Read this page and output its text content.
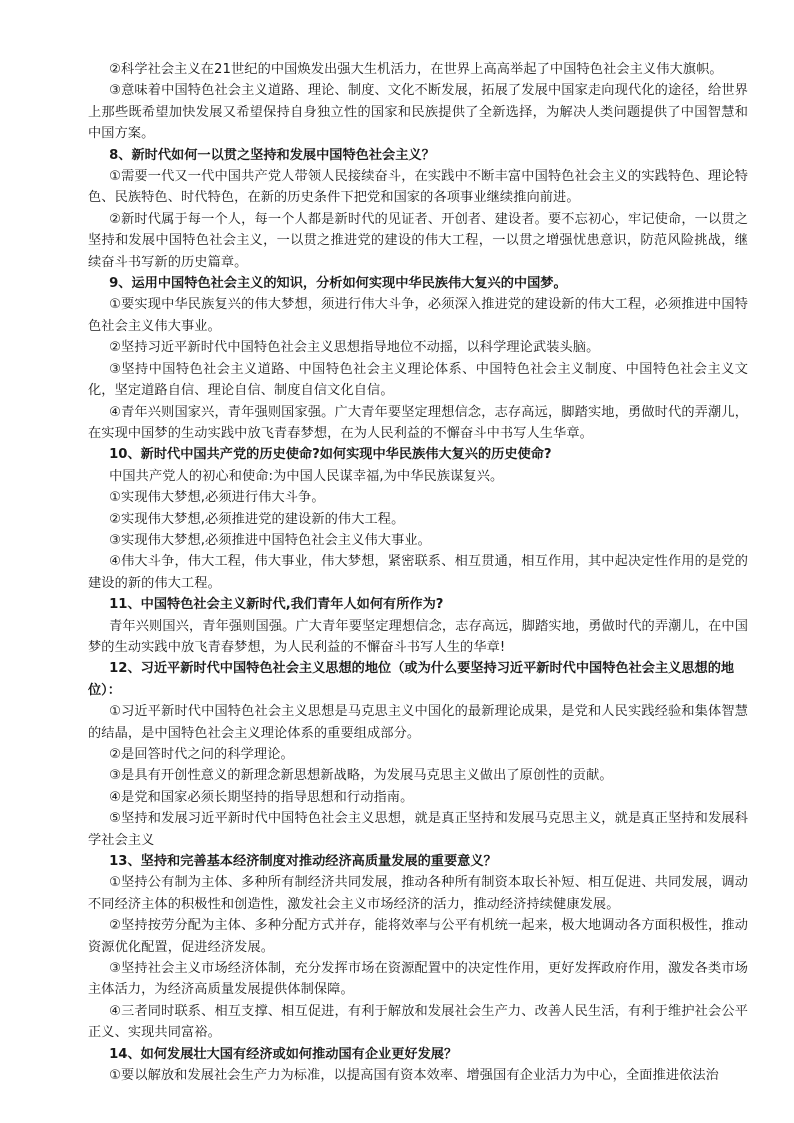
②科学社会主义在21世纪的中国焕发出强大生机活力，在世界上高高举起了中国特色社会主义伟大旗帜。

③意味着中国特色社会主义道路、理论、制度、文化不断发展，拓展了发展中国家走向现代化的途径，给世界上那些既希望加快发展又希望保持自身独立性的国家和民族提供了全新选择，为解决人类问题提供了中国智慧和中国方案。

8、新时代如何一以贯之坚持和发展中国特色社会主义？

①需要一代又一代中国共产党人带领人民接续奋斗，在实践中不断丰富中国特色社会主义的实践特色、理论特色、民族特色、时代特色，在新的历史条件下把党和国家的各项事业继续推向前进。

②新时代属于每一个人，每一个人都是新时代的见证者、开创者、建设者。要不忘初心，牢记使命，一以贯之坚持和发展中国特色社会主义，一以贯之推进党的建设的伟大工程，一以贯之增强忧患意识，防范风险挑战，继续奋斗书写新的历史篇章。

9、运用中国特色社会主义的知识，分析如何实现中华民族伟大复兴的中国梦。

①要实现中华民族复兴的伟大梦想，须进行伟大斗争，必须深入推进党的建设新的伟大工程，必须推进中国特色社会主义伟大事业。

②坚持习近平新时代中国特色社会主义思想指导地位不动摇，以科学理论武装头脑。

③坚持中国特色社会主义道路、中国特色社会主义理论体系、中国特色社会主义制度、中国特色社会主义文化，坚定道路自信、理论自信、制度自信文化自信。

④青年兴则国家兴，青年强则国家强。广大青年要坚定理想信念，志存高远，脚踏实地，勇做时代的弄潮儿，在实现中国梦的生动实践中放飞青春梦想，在为人民利益的不懈奋斗中书写人生华章。

10、新时代中国共产党的历史使命?如何实现中华民族伟大复兴的历史使命?

中国共产党人的初心和使命:为中国人民谋幸福,为中华民族谋复兴。

①实现伟大梦想,必须进行伟大斗争。

②实现伟大梦想,必须推进党的建设新的伟大工程。

③实现伟大梦想,必须推进中国特色社会主义伟大事业。

④伟大斗争，伟大工程，伟大事业，伟大梦想，紧密联系、相互贯通，相互作用，其中起决定性作用的是党的建设的新的伟大工程。

11、中国特色社会主义新时代,我们青年人如何有所作为?

青年兴则国兴，青年强则国强。广大青年要坚定理想信念，志存高远，脚踏实地，勇做时代的弄潮儿，在中国梦的生动实践中放飞青春梦想，为人民利益的不懈奋斗书写人生的华章!

12、习近平新时代中国特色社会主义思想的地位（或为什么要坚持习近平新时代中国特色社会主义思想的地位）：

①习近平新时代中国特色社会主义思想是马克思主义中国化的最新理论成果，是党和人民实践经验和集体智慧的结晶，是中国特色社会主义理论体系的重要组成部分。

②是回答时代之问的科学理论。

③是具有开创性意义的新理念新思想新战略，为发展马克思主义做出了原创性的贡献。

④是党和国家必须长期坚持的指导思想和行动指南。

⑤坚持和发展习近平新时代中国特色社会主义思想，就是真正坚持和发展马克思主义，就是真正坚持和发展科学社会主义

13、坚持和完善基本经济制度对推动经济高质量发展的重要意义？

①坚持公有制为主体、多种所有制经济共同发展，推动各种所有制资本取长补短、相互促进、共同发展，调动不同经济主体的积极性和创造性，激发社会主义市场经济的活力，推动经济持续健康发展。

②坚持按劳分配为主体、多种分配方式并存，能将效率与公平有机统一起来，极大地调动各方面积极性，推动资源优化配置，促进经济发展。

③坚持社会主义市场经济体制，充分发挥市场在资源配置中的决定性作用，更好发挥政府作用，激发各类市场主体活力，为经济高质量发展提供体制保障。

④三者同时联系、相互支撑、相互促进，有利于解放和发展社会生产力、改善人民生活，有利于维护社会公平正义、实现共同富裕。

14、如何发展壮大国有经济或如何推动国有企业更好发展？

①要以解放和发展社会生产力为标准，以提高国有资本效率、增强国有企业活力为中心，全面推进依法治
